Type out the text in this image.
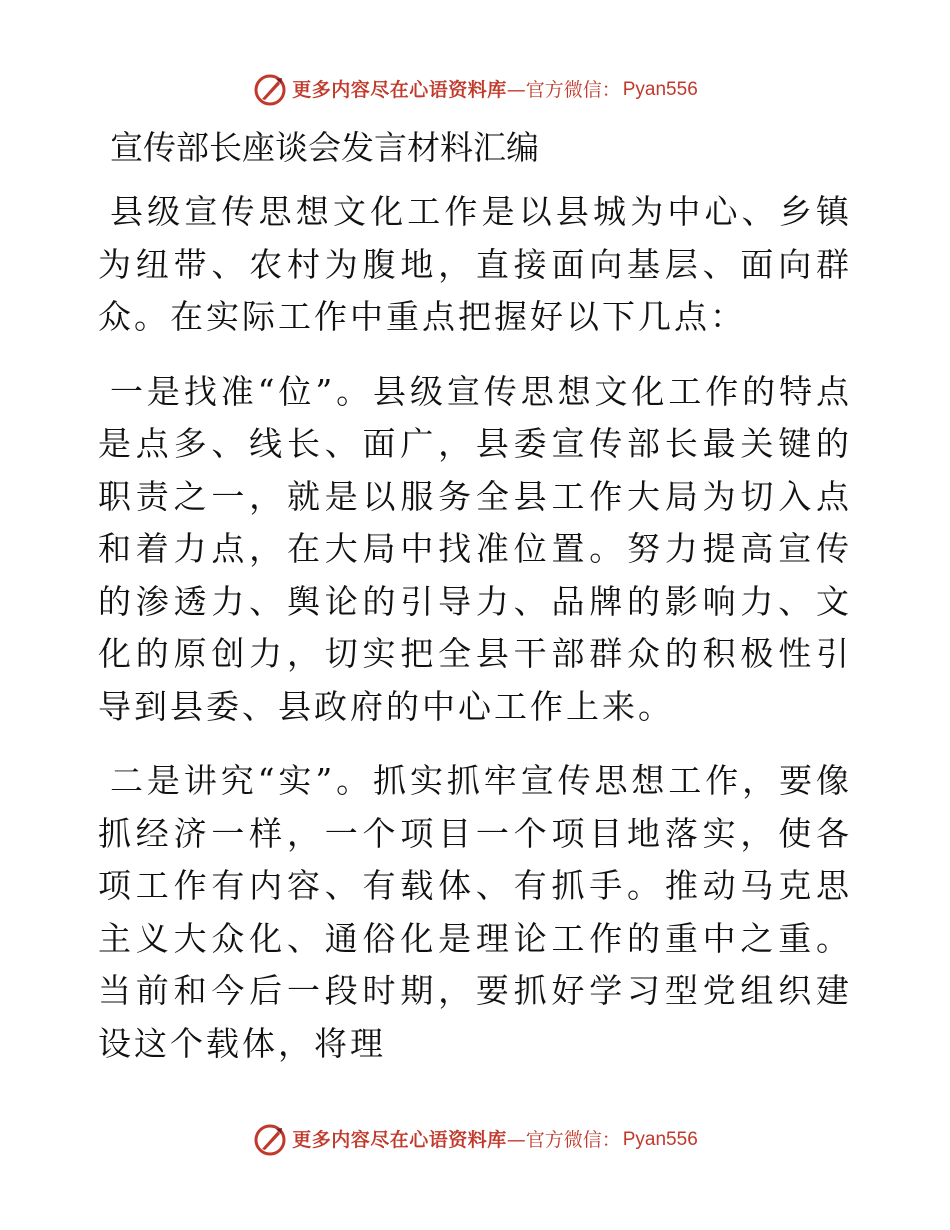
更多内容尽在心语资料库 —官方微信： Pyan556
宣传部长座谈会发言材料汇编

县级宣传思想文化工作是以县城为中心、乡镇为纽带、农村为腹地，直接面向基层、面向群众。在实际工作中重点把握好以下几点：

一是找准“位”。县级宣传思想文化工作的特点是点多、线长、面广，县委宣传部长最关键的职责之一，就是以服务全县工作大局为切入点和着力点，在大局中找准位置。努力提高宣传的渗透力、舆论的引导力、品牌的影响力、文化的原创力，切实把全县干部群众的积极性引导到县委、县政府的中心工作上来。

二是讲究“实”。抓实抓牢宣传思想工作，要像抓经济一样，一个项目一个项目地落实，使各项工作有内容、有载体、有抓手。推动马克思主义大众化、通俗化是理论工作的重中之重。当前和今后一段时期，要抓好学习型党组织建设这个载体，将理

更多内容尽在心语资料库 —官方微信： Pyan556
